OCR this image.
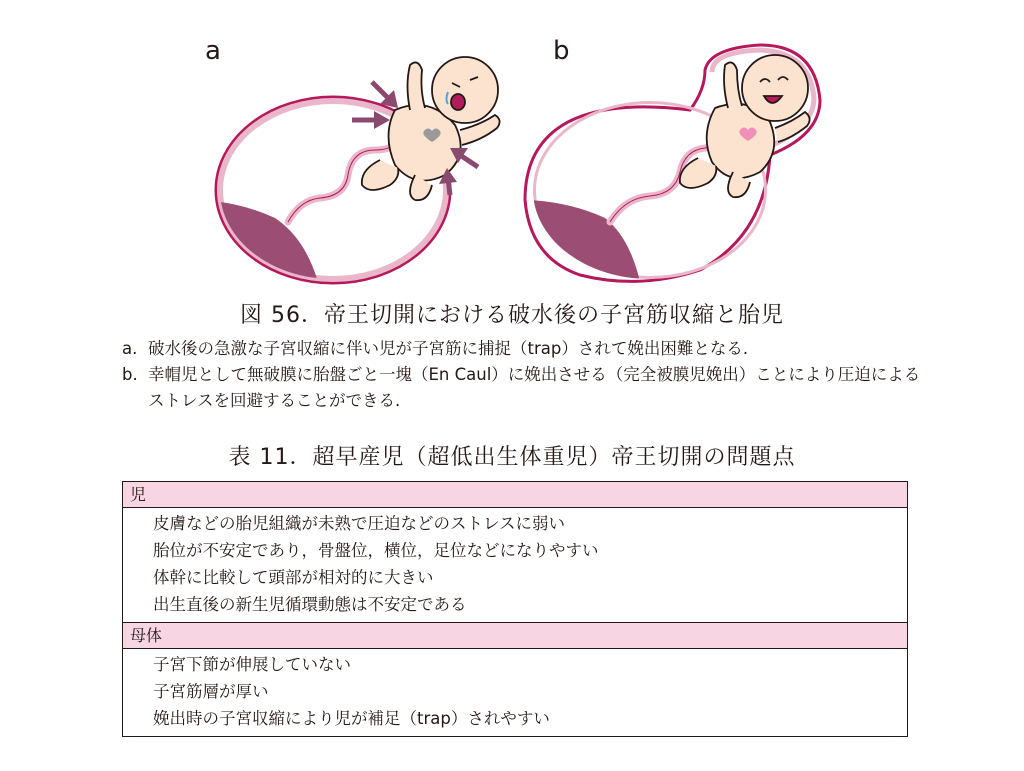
a	b
図 56．帝王切開における破水後の子宮筋収縮と胎児
a. 破水後の急激な子宮収縮に伴い児が子宮筋に捕捉（trap）されて娩出困難となる.
b. 幸帽児として無破膜に胎盤ごと一塊（En Caul）に娩出させる（完全被膜児娩出）ことにより圧迫によるストレスを回避することができる.
表 11．超早産児（超低出生体重児）帝王切開の問題点
児
皮膚などの胎児組織が未熟で圧迫などのストレスに弱い
胎位が不安定であり，骨盤位，横位，足位などになりやすい
体幹に比較して頭部が相対的に大きい
出生直後の新生児循環動態は不安定である
母体
子宮下節が伸展していない
子宮筋層が厚い
娩出時の子宮収縮により児が補足（trap）されやすい
